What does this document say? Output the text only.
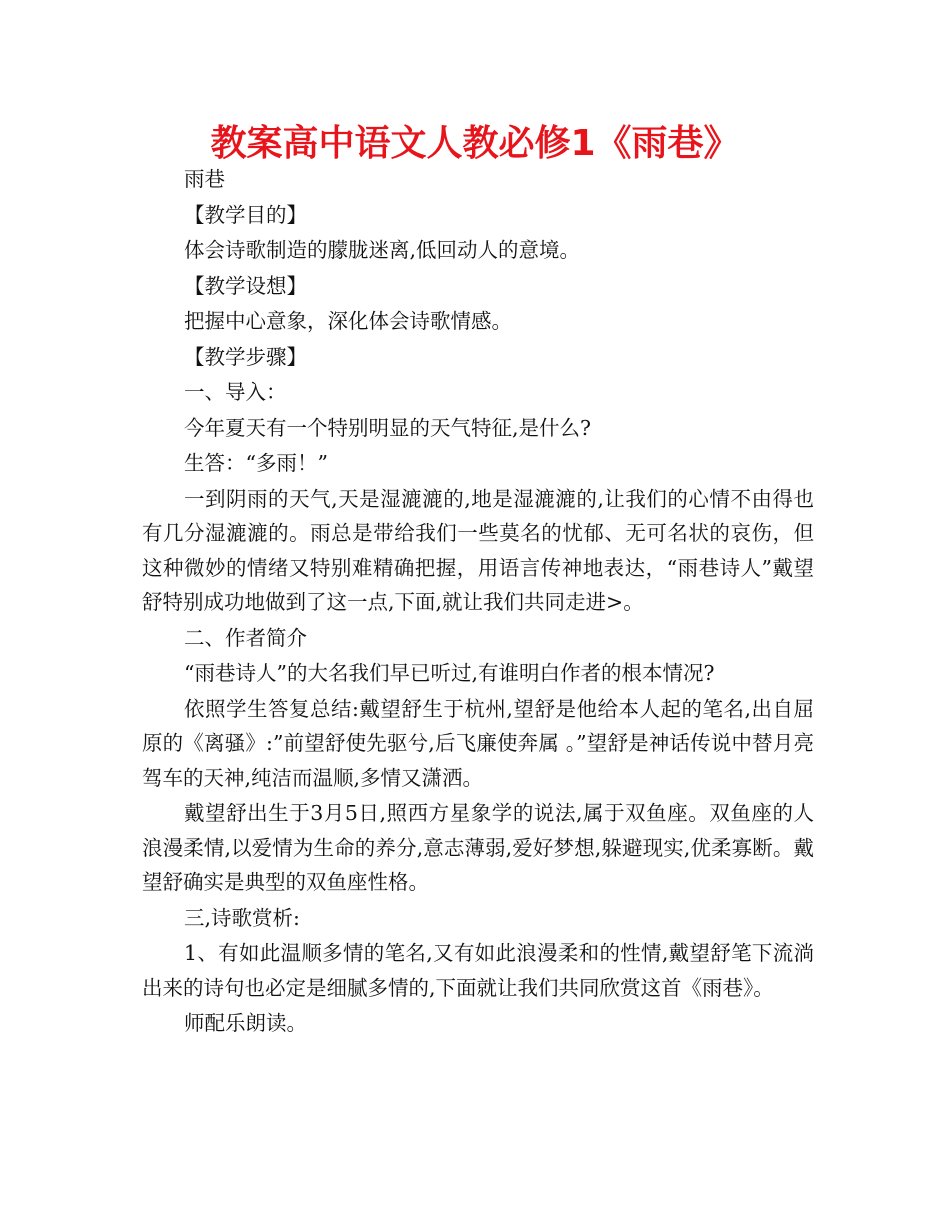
教案高中语文人教必修1《雨巷》

雨巷

【教学目的】

体会诗歌制造的朦胧迷离,低回动人的意境。

【教学设想】

把握中心意象，深化体会诗歌情感。

【教学步骤】

一、导入：

今年夏天有一个特别明显的天气特征,是什么?

生答：“多雨！”

一到阴雨的天气,天是湿漉漉的,地是湿漉漉的,让我们的心情不由得也有几分湿漉漉的。雨总是带给我们一些莫名的忧郁、无可名状的哀伤，但这种微妙的情绪又特别难精确把握，用语言传神地表达，“雨巷诗人”戴望舒特别成功地做到了这一点,下面,就让我们共同走进>。

二、作者简介

“雨巷诗人”的大名我们早已听过,有谁明白作者的根本情况?

依照学生答复总结:戴望舒生于杭州,望舒是他给本人起的笔名,出自屈原的《离骚》:”前望舒使先驱兮,后飞廉使奔属 。”望舒是神话传说中替月亮驾车的天神,纯洁而温顺,多情又潇洒。

戴望舒出生于3月5日,照西方星象学的说法,属于双鱼座。双鱼座的人浪漫柔情,以爱情为生命的养分,意志薄弱,爱好梦想,躲避现实,优柔寡断。戴望舒确实是典型的双鱼座性格。

三,诗歌赏析:

1、有如此温顺多情的笔名,又有如此浪漫柔和的性情,戴望舒笔下流淌出来的诗句也必定是细腻多情的,下面就让我们共同欣赏这首《雨巷》。

师配乐朗读。
